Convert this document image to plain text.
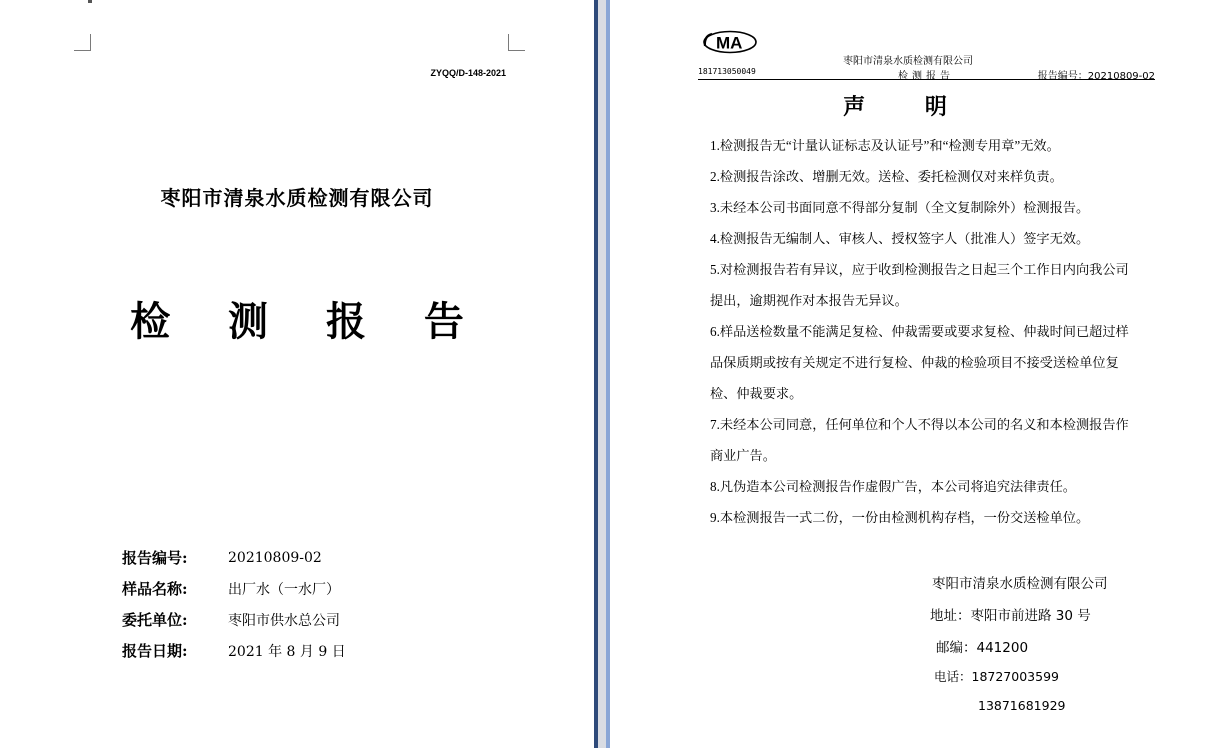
ZYQQ/D-148-2021
枣阳市清泉水质检测有限公司
检 测 报 告
报告编号:	20210809-02
样品名称:	出厂水（一水厂）
委托单位:	枣阳市供水总公司
报告日期:	2021 年 8 月 9 日
MA
枣阳市清泉水质检测有限公司
181713050049	检测报告	报告编号：20210809-02
声 明
1.检测报告无“计量认证标志及认证号”和“检测专用章”无效。
2.检测报告涂改、增删无效。送检、委托检测仅对来样负责。
3.未经本公司书面同意不得部分复制（全文复制除外）检测报告。
4.检测报告无编制人、审核人、授权签字人（批准人）签字无效。
5.对检测报告若有异议，应于收到检测报告之日起三个工作日内向我公司提出，逾期视作对本报告无异议。
6.样品送检数量不能满足复检、仲裁需要或要求复检、仲裁时间已超过样品保质期或按有关规定不进行复检、仲裁的检验项目不接受送检单位复检、仲裁要求。
7.未经本公司同意，任何单位和个人不得以本公司的名义和本检测报告作商业广告。
8.凡伪造本公司检测报告作虚假广告，本公司将追究法律责任。
9.本检测报告一式二份，一份由检测机构存档，一份交送检单位。
枣阳市清泉水质检测有限公司
地址：枣阳市前进路 30 号
邮编：441200
电话：18727003599
13871681929
